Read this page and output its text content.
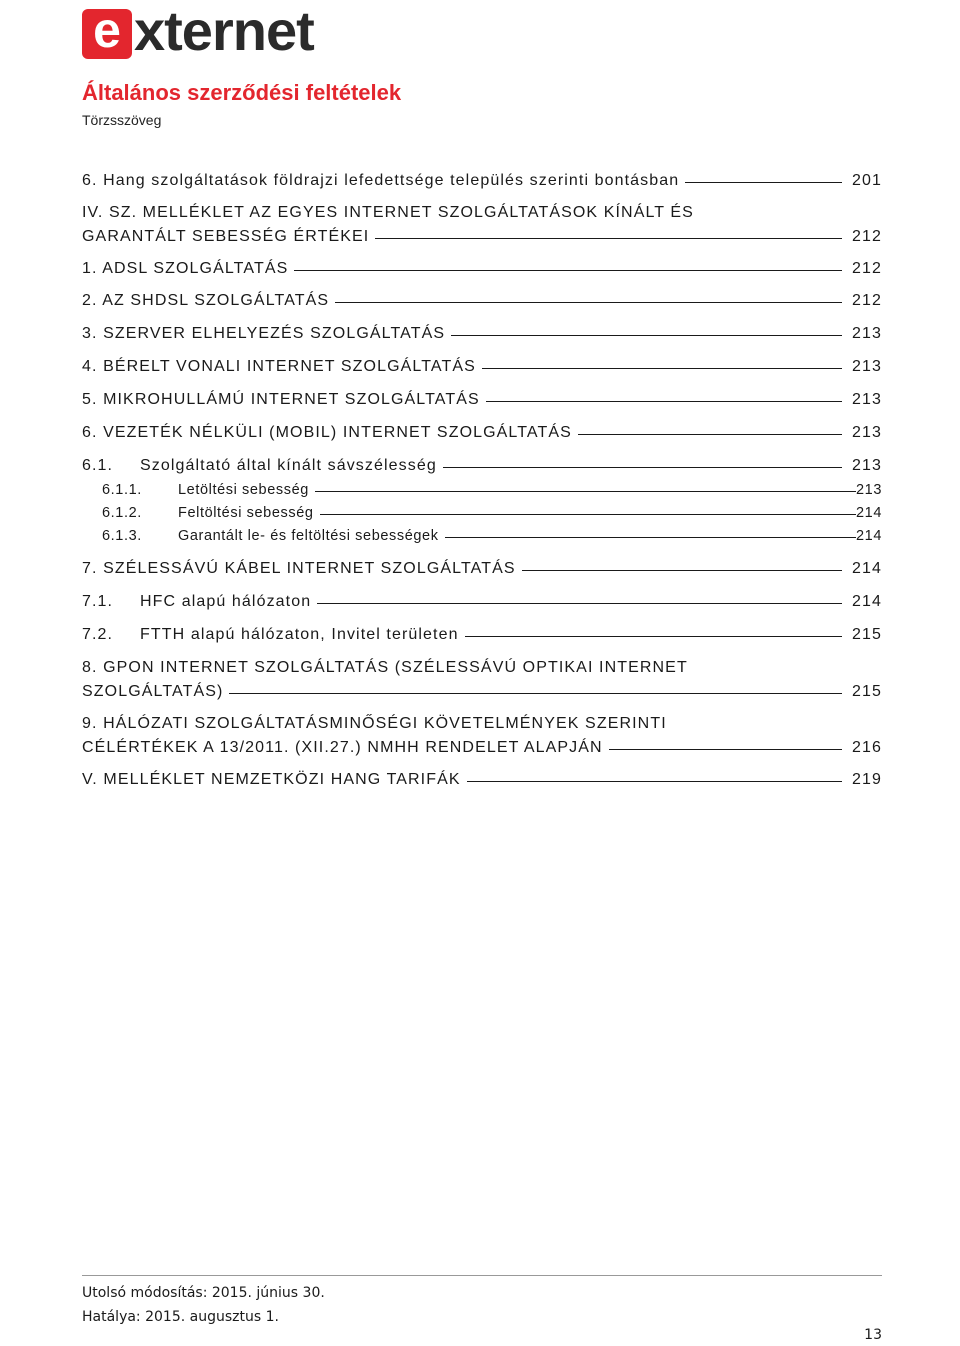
e xternet
Általános szerződési feltételek
Törzsszöveg
6. Hang szolgáltatások földrajzi lefedettsége település szerinti bontásban	201
IV. SZ. MELLÉKLET AZ EGYES INTERNET SZOLGÁLTATÁSOK KÍNÁLT ÉS
GARANTÁLT SEBESSÉG ÉRTÉKEI	212
1. ADSL SZOLGÁLTATÁS	212
2. AZ SHDSL SZOLGÁLTATÁS	212
3. SZERVER ELHELYEZÉS SZOLGÁLTATÁS	213
4. BÉRELT VONALI INTERNET SZOLGÁLTATÁS	213
5. MIKROHULLÁMÚ INTERNET SZOLGÁLTATÁS	213
6. VEZETÉK NÉLKÜLI (MOBIL) INTERNET SZOLGÁLTATÁS	213
6.1. Szolgáltató által kínált sávszélesség	213
6.1.1. Letöltési sebesség	213
6.1.2. Feltöltési sebesség	214
6.1.3. Garantált le- és feltöltési sebességek	214
7. SZÉLESSÁVÚ KÁBEL INTERNET SZOLGÁLTATÁS	214
7.1. HFC alapú hálózaton	214
7.2. FTTH alapú hálózaton, Invitel területen	215
8. GPON INTERNET SZOLGÁLTATÁS (SZÉLESSÁVÚ OPTIKAI INTERNET
SZOLGÁLTATÁS)	215
9. HÁLÓZATI SZOLGÁLTATÁSMINŐSÉGI KÖVETELMÉNYEK SZERINTI
CÉLÉRTÉKEK A 13/2011. (XII.27.) NMHH RENDELET ALAPJÁN	216
V. MELLÉKLET NEMZETKÖZI HANG TARIFÁK	219
Utolsó módosítás: 2015. június 30.
Hatálya: 2015. augusztus 1.
13
